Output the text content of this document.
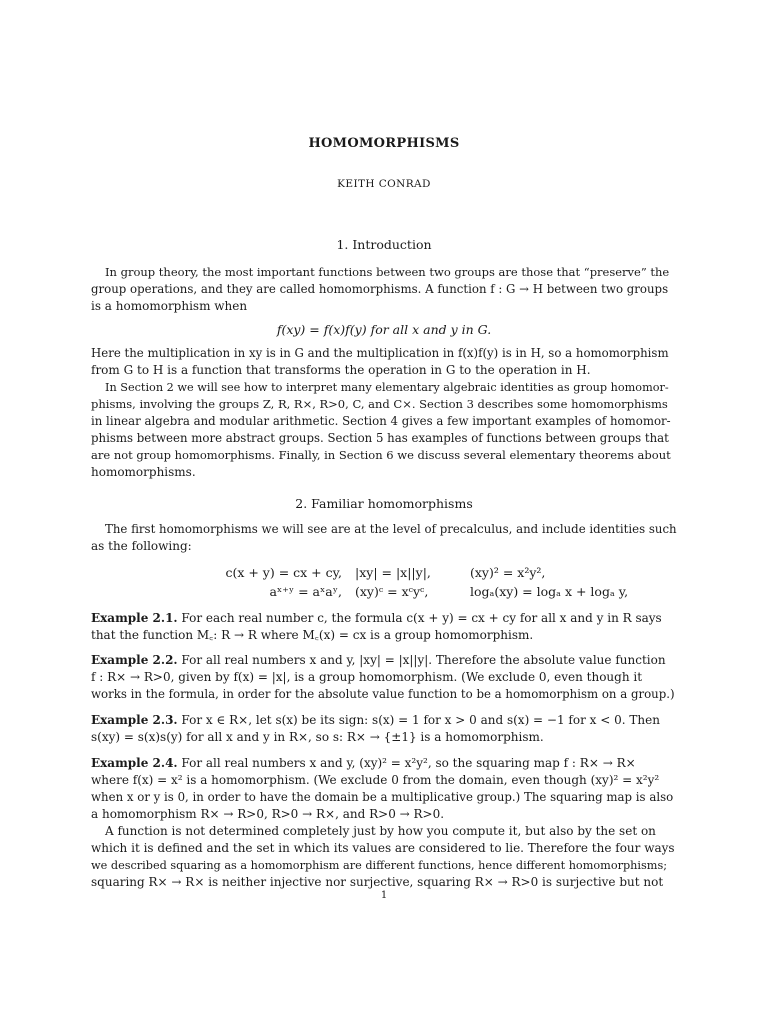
HOMOMORPHISMS
KEITH CONRAD
1. Introduction
In group theory, the most important functions between two groups are those that “preserve” the
group operations, and they are called homomorphisms. A function f : G → H between two groups
is a homomorphism when
f(xy) = f(x)f(y) for all x and y in G.
Here the multiplication in xy is in G and the multiplication in f(x)f(y) is in H, so a homomorphism
from G to H is a function that transforms the operation in G to the operation in H.
In Section 2 we will see how to interpret many elementary algebraic identities as group homomor-
phisms, involving the groups Z, R, R×, R>0, C, and C×. Section 3 describes some homomorphisms
in linear algebra and modular arithmetic. Section 4 gives a few important examples of homomor-
phisms between more abstract groups. Section 5 has examples of functions between groups that
are not group homomorphisms. Finally, in Section 6 we discuss several elementary theorems about
homomorphisms.
2. Familiar homomorphisms
The first homomorphisms we will see are at the level of precalculus, and include identities such
as the following:
c(x + y) = cx + cy, |xy| = |x||y|,	(xy)² = x²y²,
aˣ⁺ʸ = aˣaʸ, (xy)ᶜ = xᶜyᶜ,	logₐ(xy) = logₐ x + logₐ y,
Example 2.1. For each real number c, the formula c(x + y) = cx + cy for all x and y in R says
that the function M꜀: R → R where M꜀(x) = cx is a group homomorphism.
Example 2.2. For all real numbers x and y, |xy| = |x||y|. Therefore the absolute value function
f : R× → R>0, given by f(x) = |x|, is a group homomorphism. (We exclude 0, even though it
works in the formula, in order for the absolute value function to be a homomorphism on a group.)
Example 2.3. For x ∈ R×, let s(x) be its sign: s(x) = 1 for x > 0 and s(x) = −1 for x < 0. Then
s(xy) = s(x)s(y) for all x and y in R×, so s: R× → {±1} is a homomorphism.
Example 2.4. For all real numbers x and y, (xy)² = x²y², so the squaring map f : R× → R×
where f(x) = x² is a homomorphism. (We exclude 0 from the domain, even though (xy)² = x²y²
when x or y is 0, in order to have the domain be a multiplicative group.) The squaring map is also
a homomorphism R× → R>0, R>0 → R×, and R>0 → R>0.
A function is not determined completely just by how you compute it, but also by the set on
which it is defined and the set in which its values are considered to lie. Therefore the four ways
we described squaring as a homomorphism are different functions, hence different homomorphisms;
squaring R× → R× is neither injective nor surjective, squaring R× → R>0 is surjective but not
1
